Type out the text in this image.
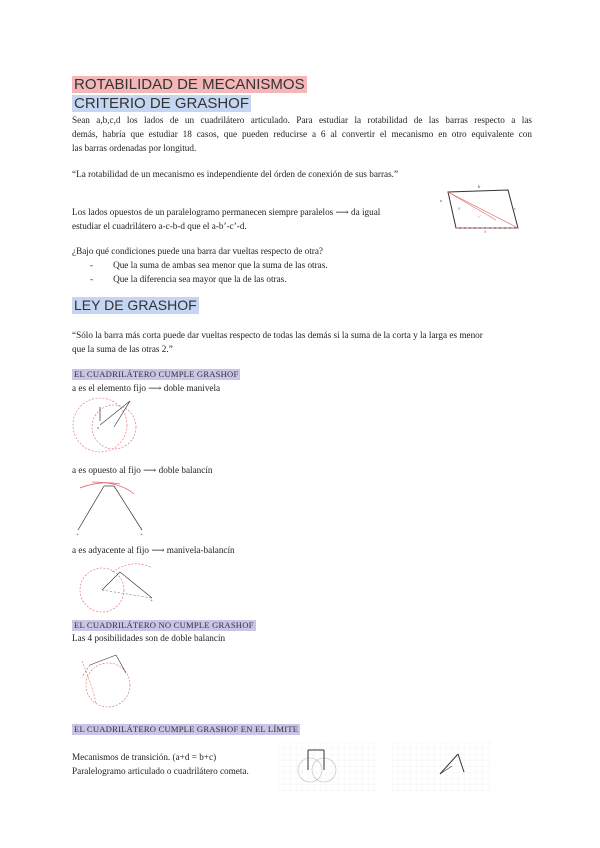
ROTABILIDAD DE MECANISMOS
CRITERIO DE GRASHOF
Sean a,b,c,d los lados de un cuadrilátero articulado. Para estudiar la rotabilidad de las barras respecto a las
demás, habría que estudiar 18 casos, que pueden reducirse a 6 al convertir el mecanismo en otro equivalente con
las barras ordenadas por longitud.
“La rotabilidad de un mecanismo es independiente del órden de conexión de sus barras.”
Los lados opuestos de un paralelogramo permanecen siempre paralelos ⟶ da igual
estudiar el cuadrilátero a-c-b-d que el a-b’-c’-d.
a
b
c
d
b’
c’
¿Bajo qué condiciones puede una barra dar vueltas respecto de otra?
- Que la suma de ambas sea menor que la suma de las otras.
- Que la diferencia sea mayor que la de las otras.
LEY DE GRASHOF
“Sólo la barra más corta puede dar vueltas respecto de todas las demás si la suma de la corta y la larga es menor
que la suma de las otras 2.”
EL CUADRILÁTERO CUMPLE GRASHOF
a es el elemento fijo ⟶ doble manivela
a
a es opuesto al fijo ⟶ doble balancín
+	+
a es adyacente al fijo ⟶ manivela-balancín
+
EL CUADRILÁTERO NO CUMPLE GRASHOF
Las 4 posibilidades son de doble balancín
EL CUADRILÁTERO CUMPLE GRASHOF EN EL LÍMITE
Mecanismos de transición. (a+d = b+c)
Paralelogramo articulado o cuadrilátero cometa.
